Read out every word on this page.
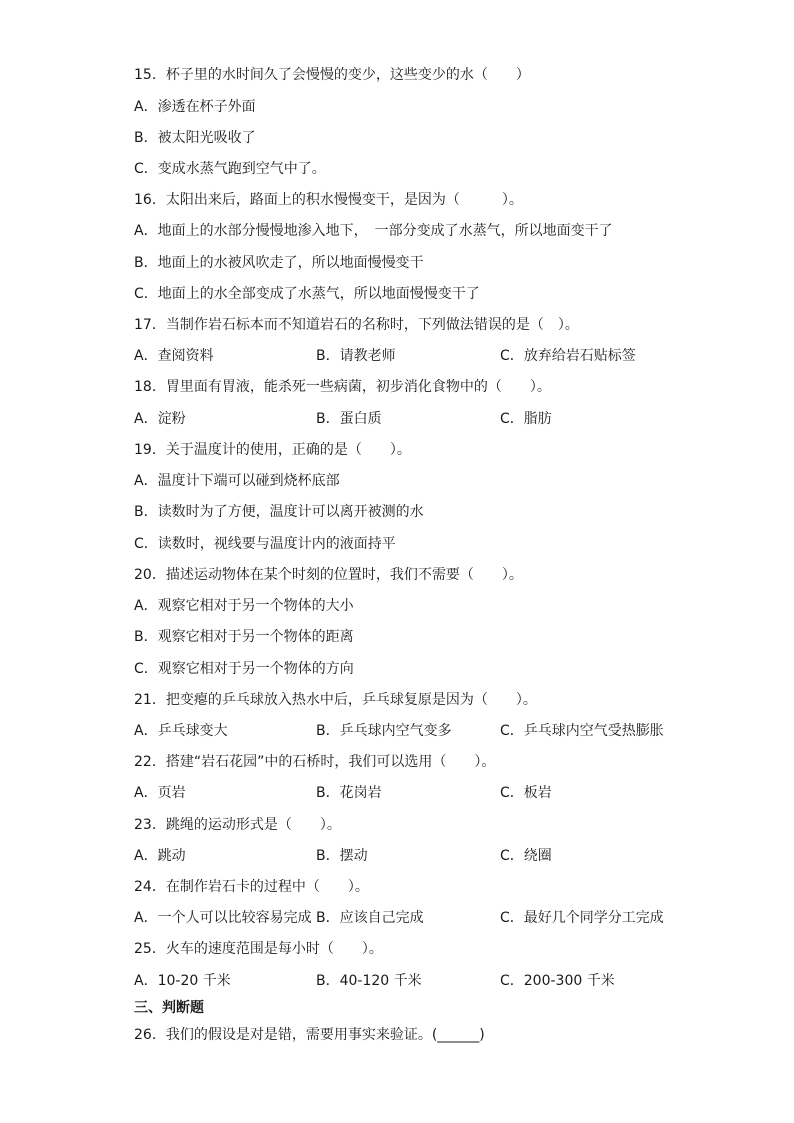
15．杯子里的水时间久了会慢慢的变少，这些变少的水（　　）
A．渗透在杯子外面
B．被太阳光吸收了
C．变成水蒸气跑到空气中了。
16．太阳出来后，路面上的积水慢慢变干，是因为（　　　）。
A．地面上的水部分慢慢地渗入地下，　一部分变成了水蒸气，所以地面变干了
B．地面上的水被风吹走了，所以地面慢慢变干
C．地面上的水全部变成了水蒸气，所以地面慢慢变干了
17．当制作岩石标本而不知道岩石的名称时，下列做法错误的是（　）。
A．查阅资料	B．请教老师	C．放弃给岩石贴标签
18．胃里面有胃液，能杀死一些病菌，初步消化食物中的（　　）。
A．淀粉	B．蛋白质	C．脂肪
19．关于温度计的使用，正确的是（　　）。
A．温度计下端可以碰到烧杯底部
B．读数时为了方便，温度计可以离开被测的水
C．读数时，视线要与温度计内的液面持平
20．描述运动物体在某个时刻的位置时，我们不需要（　　）。
A．观察它相对于另一个物体的大小
B．观察它相对于另一个物体的距离
C．观察它相对于另一个物体的方向
21．把变瘪的乒乓球放入热水中后，乒乓球复原是因为（　　）。
A．乒乓球变大	B．乒乓球内空气变多	C．乒乓球内空气受热膨胀
22．搭建“岩石花园”中的石桥时，我们可以选用（　　）。
A．页岩	B．花岗岩	C．板岩
23．跳绳的运动形式是（　　）。
A．跳动	B．摆动	C．绕圈
24．在制作岩石卡的过程中（　　）。
A．一个人可以比较容易完成 B．应该自己完成	C．最好几个同学分工完成
25．火车的速度范围是每小时（　　）。
A．10-20 千米	B．40-120 千米	C．200-300 千米
三、判断题
26．我们的假设是对是错，需要用事实来验证。(______)
